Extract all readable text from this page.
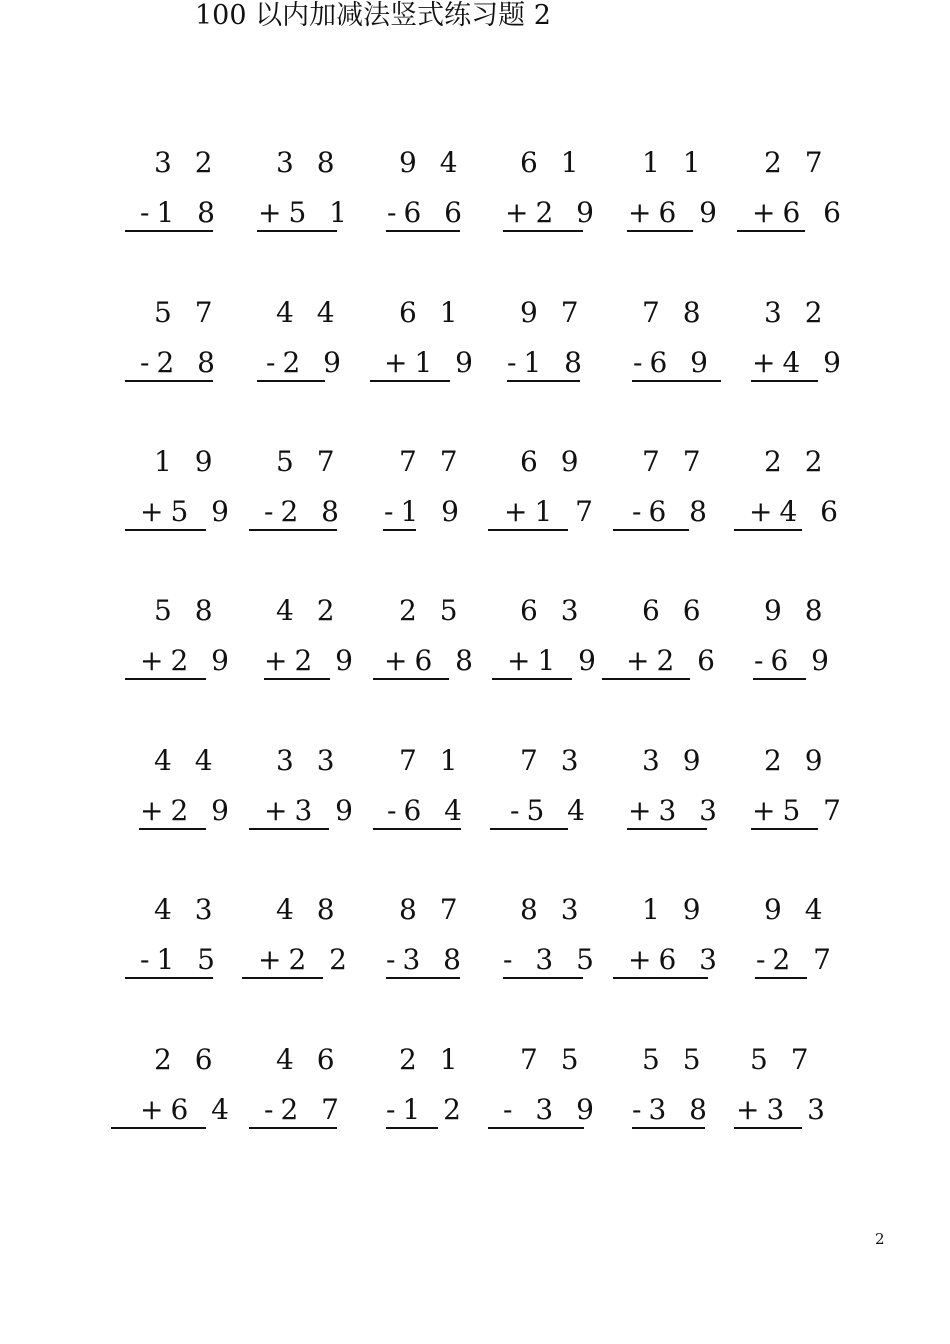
100 以内加减法竖式练习题 2
3 2
-1 8
3 8
+5 1
9 4
-6 6
6 1
+2 9
1 1
+6 9
2 7
+6 6
5 7
-2 8
4 4
-2 9
6 1
+1 9
9 7
-1 8
7 8
-6 9
3 2
+4 9
1 9
+5 9
5 7
-2 8
7 7
-1 9
6 9
+1 7
7 7
-6 8
2 2
+4 6
5 8
+2 9
4 2
+2 9
2 5
+6 8
6 3
+1 9
6 6
+2 6
9 8
-6 9
4 4
+2 9
3 3
+3 9
7 1
-6 4
7 3
-5 4
3 9
+3 3
2 9
+5 7
4 3
-1 5
4 8
+2 2
8 7
-3 8
8 3
- 3 5
1 9
+6 3
9 4
-2 7
2 6
+6 4
4 6
-2 7
2 1
-1 2
7 5
- 3 9
5 5
-3 8
5 7
+3 3
2
